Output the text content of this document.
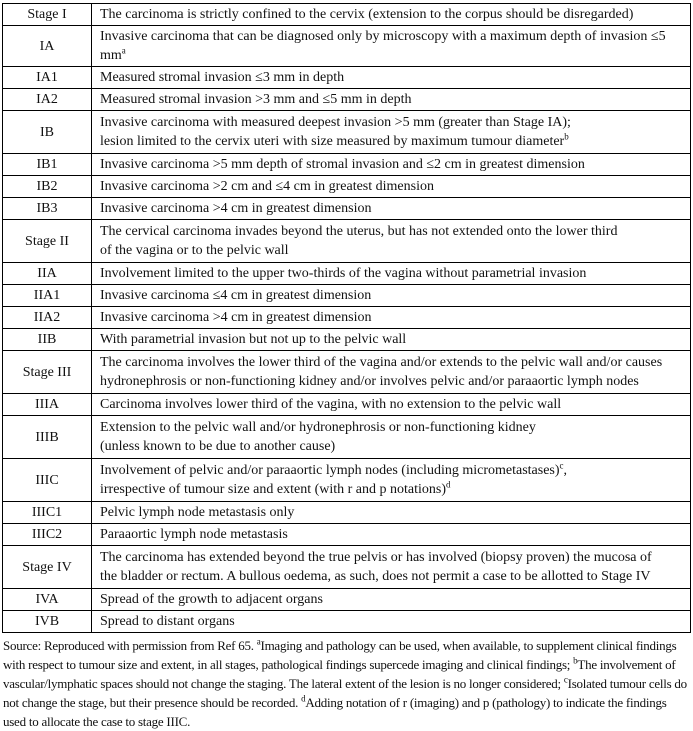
Stage I	The carcinoma is strictly confined to the cervix (extension to the corpus should be disregarded)
IA	Invasive carcinoma that can be diagnosed only by microscopy with a maximum depth of invasion ≤5 $mm^a$
IA1	Measured stromal invasion ≤3 mm in depth
IA2	Measured stromal invasion >3 mm and ≤5 mm in depth
IB	Invasive carcinoma with measured deepest invasion >5 mm (greater than Stage IA);
lesion limited to the cervix uteri with size measured by maximum tumour diameter$^b$
IB1	Invasive carcinoma >5 mm depth of stromal invasion and ≤2 cm in greatest dimension
IB2	Invasive carcinoma >2 cm and ≤4 cm in greatest dimension
IB3	Invasive carcinoma >4 cm in greatest dimension
Stage II	The cervical carcinoma invades beyond the uterus, but has not extended onto the lower third
of the vagina or to the pelvic wall
IIA	Involvement limited to the upper two-thirds of the vagina without parametrial invasion
IIA1	Invasive carcinoma ≤4 cm in greatest dimension
IIA2	Invasive carcinoma >4 cm in greatest dimension
IIB	With parametrial invasion but not up to the pelvic wall
Stage III	The carcinoma involves the lower third of the vagina and/or extends to the pelvic wall and/or causes
hydronephrosis or non-functioning kidney and/or involves pelvic and/or paraaortic lymph nodes
IIIA	Carcinoma involves lower third of the vagina, with no extension to the pelvic wall
IIIB	Extension to the pelvic wall and/or hydronephrosis or non-functioning kidney
(unless known to be due to another cause)
IIIC	Involvement of pelvic and/or paraaortic lymph nodes (including micrometastases)$^c$,
irrespective of tumour size and extent (with r and p notations)$^d$
IIIC1	Pelvic lymph node metastasis only
IIIC2	Paraaortic lymph node metastasis
Stage IV	The carcinoma has extended beyond the true pelvis or has involved (biopsy proven) the mucosa of
the bladder or rectum. A bullous oedema, as such, does not permit a case to be allotted to Stage IV
IVA	Spread of the growth to adjacent organs
IVB	Spread to distant organs
Source: Reproduced with permission from Ref 65. $^a$Imaging and pathology can be used, when available, to supplement clinical findings with respect to tumour size and extent, in all stages, pathological findings supercede imaging and clinical findings; $^b$The involvement of vascular/lymphatic spaces should not change the staging. The lateral extent of the lesion is no longer considered; $^c$Isolated tumour cells do not change the stage, but their presence should be recorded. $^d$Adding notation of r (imaging) and p (pathology) to indicate the findings used to allocate the case to stage IIIC.
